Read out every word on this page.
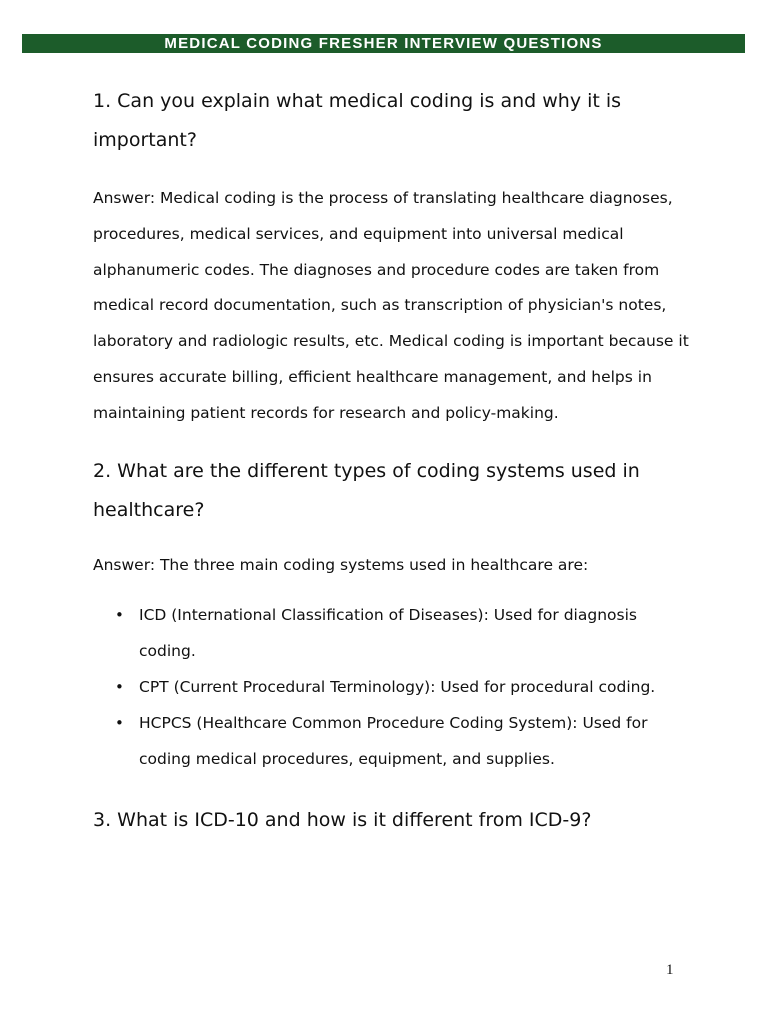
MEDICAL CODING FRESHER INTERVIEW QUESTIONS

1. Can you explain what medical coding is and why it is important?

Answer: Medical coding is the process of translating healthcare diagnoses, procedures, medical services, and equipment into universal medical alphanumeric codes. The diagnoses and procedure codes are taken from medical record documentation, such as transcription of physician's notes, laboratory and radiologic results, etc. Medical coding is important because it ensures accurate billing, efficient healthcare management, and helps in maintaining patient records for research and policy-making.

2. What are the different types of coding systems used in healthcare?

Answer: The three main coding systems used in healthcare are:

• ICD (International Classification of Diseases): Used for diagnosis coding.
• CPT (Current Procedural Terminology): Used for procedural coding.
• HCPCS (Healthcare Common Procedure Coding System): Used for coding medical procedures, equipment, and supplies.

3. What is ICD-10 and how is it different from ICD-9?

1
